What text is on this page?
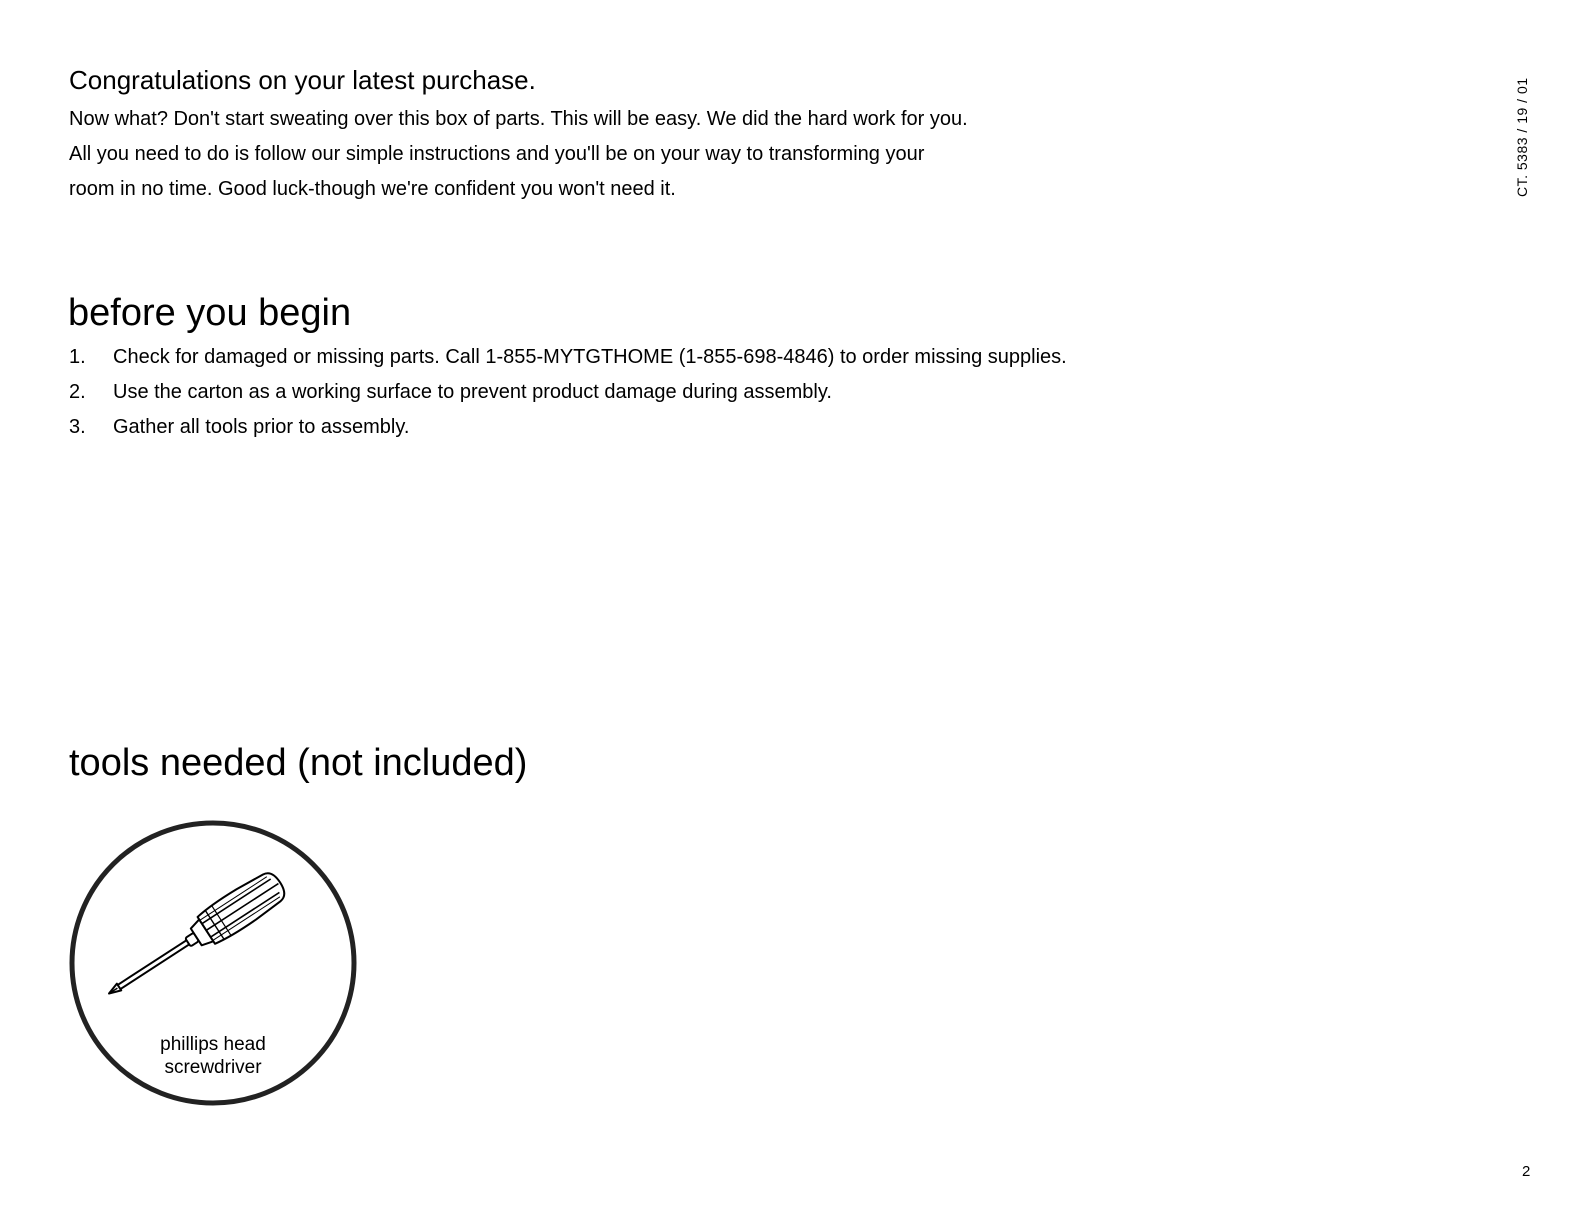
Congratulations on your latest purchase.

Now what? Don't start sweating over this box of parts. This will be easy. We did the hard work for you.

All you need to do is follow our simple instructions and you'll be on your way to transforming your

room in no time. Good luck-though we're confident you won't need it.

before you begin
1. Check for damaged or missing parts. Call 1-855-MYTGTHOME (1-855-698-4846) to order missing supplies.
2. Use the carton as a working surface to prevent product damage during assembly.
3. Gather all tools prior to assembly.
tools needed (not included)
phillips head
screwdriver
CT. 5383 / 19 / 01
2
